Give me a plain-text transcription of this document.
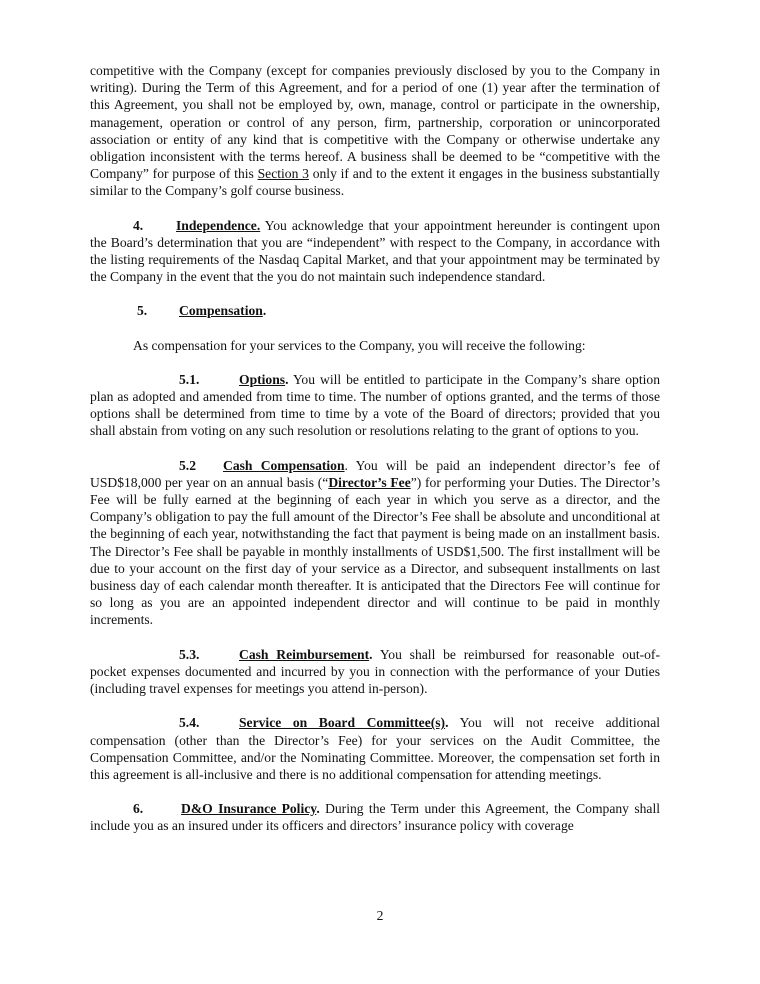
competitive with the Company (except for companies previously disclosed by you to the Company in writing). During the Term of this Agreement, and for a period of one (1) year after the termination of this Agreement, you shall not be employed by, own, manage, control or participate in the ownership, management, operation or control of any person, firm, partnership, corporation or unincorporated association or entity of any kind that is competitive with the Company or otherwise undertake any obligation inconsistent with the terms hereof. A business shall be deemed to be “competitive with the Company” for purpose of this Section 3 only if and to the extent it engages in the business substantially similar to the Company’s golf course business.

4. Independence. You acknowledge that your appointment hereunder is contingent upon the Board’s determination that you are “independent” with respect to the Company, in accordance with the listing requirements of the Nasdaq Capital Market, and that your appointment may be terminated by the Company in the event that the you do not maintain such independence standard.

5. Compensation.

As compensation for your services to the Company, you will receive the following:

5.1.	Options. You will be entitled to participate in the Company’s share option plan as adopted and amended from time to time. The number of options granted, and the terms of those options shall be determined from time to time by a vote of the Board of directors; provided that you shall abstain from voting on any such resolution or resolutions relating to the grant of options to you.

5.2 Cash Compensation. You will be paid an independent director’s fee of USD$18,000 per year on an annual basis (“Director’s Fee”) for performing your Duties. The Director’s Fee will be fully earned at the beginning of each year in which you serve as a director, and the Company’s obligation to pay the full amount of the Director’s Fee shall be absolute and unconditional at the beginning of each year, notwithstanding the fact that payment is being made on an installment basis. The Director’s Fee shall be payable in monthly installments of USD$1,500. The first installment will be due to your account on the first day of your service as a Director, and subsequent installments on last business day of each calendar month thereafter. It is anticipated that the Directors Fee will continue for so long as you are an appointed independent director and will continue to be paid in monthly increments.

5.3.	Cash Reimbursement. You shall be reimbursed for reasonable out-of-pocket expenses documented and incurred by you in connection with the performance of your Duties (including travel expenses for meetings you attend in-person).

5.4.	Service on Board Committee(s). You will not receive additional compensation (other than the Director’s Fee) for your services on the Audit Committee, the Compensation Committee, and/or the Nominating Committee. Moreover, the compensation set forth in this agreement is all-inclusive and there is no additional compensation for attending meetings.

6.	D&O Insurance Policy. During the Term under this Agreement, the Company shall include you as an insured under its officers and directors’ insurance policy with coverage

2
